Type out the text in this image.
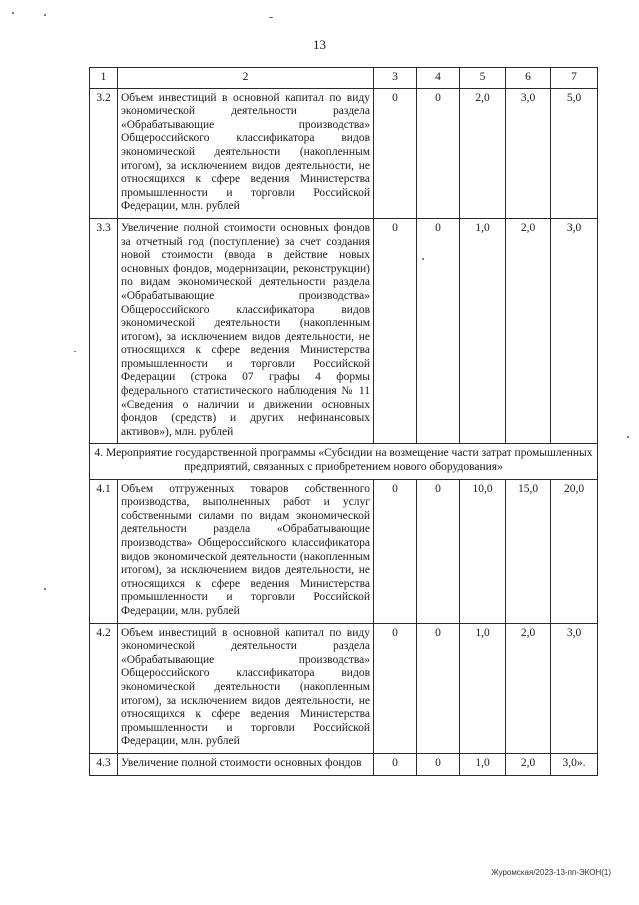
13
1	2	3	4	5	6	7
3.2	Объем инвестиций в основной капитал по виду экономической деятельности раздела «Обрабатывающие производства» Общероссийского классификатора видов экономической деятельности (накопленным итогом), за исключением видов деятельности, не относящихся к сфере ведения Министерства промышленности и торговли Российской Федерации, млн. рублей	0	0	2,0	3,0	5,0
3.3	Увеличение полной стоимости основных фондов за отчетный год (поступление) за счет создания новой стоимости (ввода в действие новых основных фондов, модернизации, реконструкции) по видам экономической деятельности раздела «Обрабатывающие производства» Общероссийского классификатора видов экономической деятельности (накопленным итогом), за исключением видов деятельности, не относящихся к сфере ведения Министерства промышленности и торговли Российской Федерации (строка 07 графы 4 формы федерального статистического наблюдения № 11 «Сведения о наличии и движении основных фондов (средств) и других нефинансовых активов»), млн. рублей	0	0	1,0	2,0	3,0
4. Мероприятие государственной программы «Субсидии на возмещение части затрат промышленных предприятий, связанных с приобретением нового оборудования»						
4.1	Объем отгруженных товаров собственного производства, выполненных работ и услуг собственными силами по видам экономической деятельности раздела «Обрабатывающие производства» Общероссийского классификатора видов экономической деятельности (накопленным итогом), за исключением видов деятельности, не относящихся к сфере ведения Министерства промышленности и торговли Российской Федерации, млн. рублей	0	0	10,0	15,0	20,0
4.2	Объем инвестиций в основной капитал по виду экономической деятельности раздела «Обрабатывающие производства» Общероссийского классификатора видов экономической деятельности (накопленным итогом), за исключением видов деятельности, не относящихся к сфере ведения Министерства промышленности и торговли Российской Федерации, млн. рублей	0	0	1,0	2,0	3,0
4.3	Увеличение полной стоимости основных фондов	0	0	1,0	2,0	3,0».
Журомская/2023-13-пп-ЭКОН(1)
